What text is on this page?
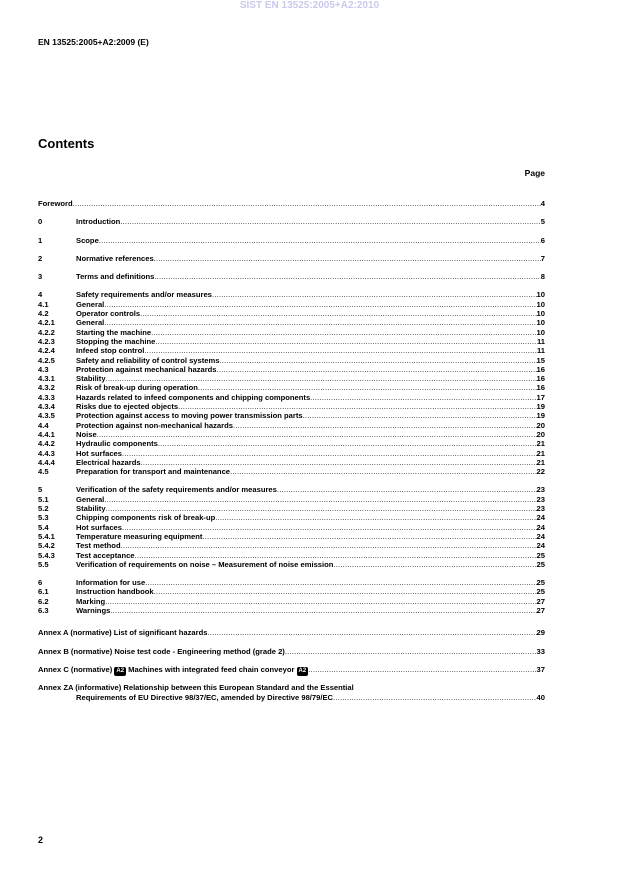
SIST EN 13525:2005+A2:2010
EN 13525:2005+A2:2009 (E)
Contents
Page
Foreword .....	4
0	Introduction .....	5
1	Scope .....	6
2	Normative references .....	7
3	Terms and definitions .....	8
4	Safety requirements and/or measures .....	10
4.1	General .....	10
4.2	Operator controls .....	10
4.2.1	General .....	10
4.2.2	Starting the machine .....	10
4.2.3	Stopping the machine .....	11
4.2.4	Infeed stop control .....	11
4.2.5	Safety and reliability of control systems .....	15
4.3	Protection against mechanical hazards .....	16
4.3.1	Stability .....	16
4.3.2	Risk of break-up during operation .....	16
4.3.3	Hazards related to infeed components and chipping components .....	17
4.3.4	Risks due to ejected objects .....	19
4.3.5	Protection against access to moving power transmission parts .....	19
4.4	Protection against non-mechanical hazards .....	20
4.4.1	Noise .....	20
4.4.2	Hydraulic components .....	21
4.4.3	Hot surfaces .....	21
4.4.4	Electrical hazards .....	21
4.5	Preparation for transport and maintenance .....	22
5	Verification of the safety requirements and/or measures .....	23
5.1	General .....	23
5.2	Stability .....	23
5.3	Chipping components risk of break-up .....	24
5.4	Hot surfaces .....	24
5.4.1	Temperature measuring equipment .....	24
5.4.2	Test method .....	24
5.4.3	Test acceptance .....	25
5.5	Verification of requirements on noise – Measurement of noise emission .....	25
6	Information for use .....	25
6.1	Instruction handbook .....	25
6.2	Marking .....	27
6.3	Warnings .....	27
Annex A (normative) List of significant hazards .....	29
Annex B (normative) Noise test code - Engineering method (grade 2) .....	33
Annex C (normative) A2 Machines with integrated feed chain conveyor A2 .....	37
Annex ZA (informative) Relationship between this European Standard and the Essential
Requirements of EU Directive 98/37/EC, amended by Directive 98/79/EC .....	40
2
